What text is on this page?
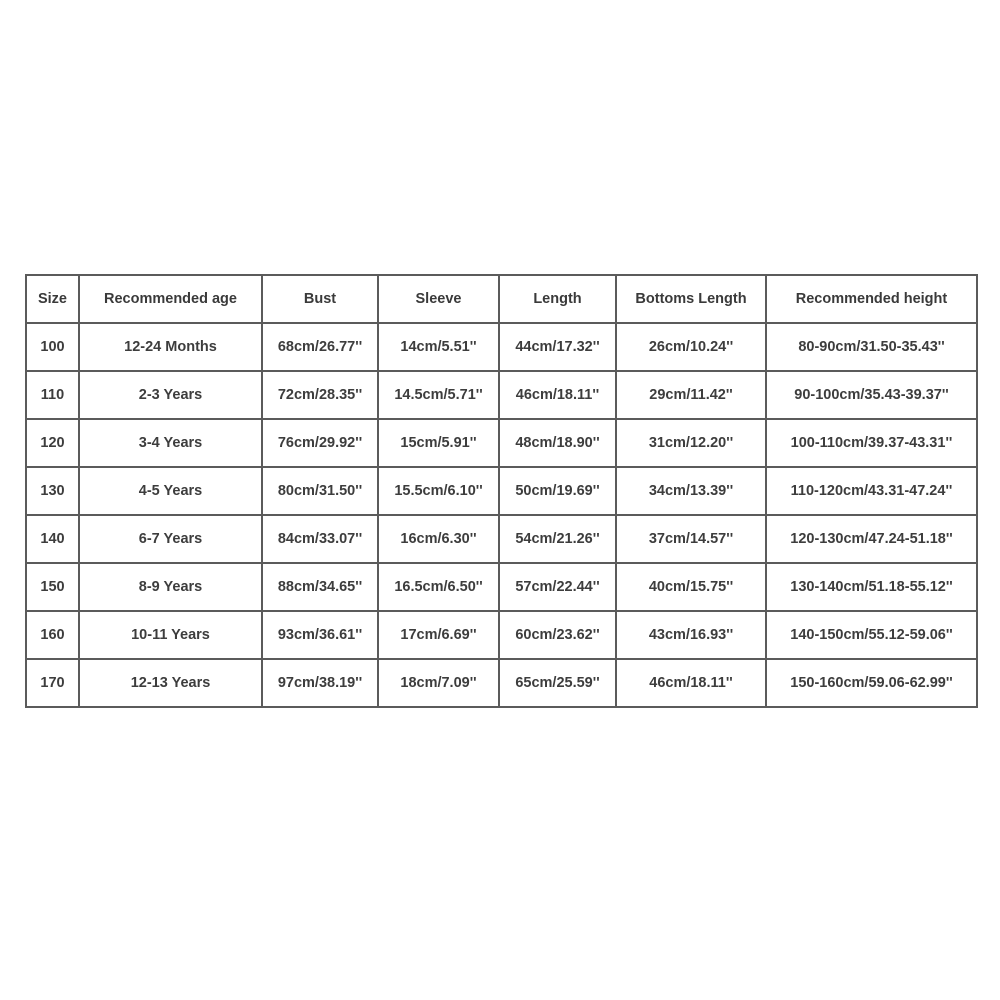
Size	Recommended age	Bust	Sleeve	Length	Bottoms Length	Recommended height
100	12-24 Months	68cm/26.77''	14cm/5.51''	44cm/17.32''	26cm/10.24''	80-90cm/31.50-35.43''
110	2-3 Years	72cm/28.35''	14.5cm/5.71''	46cm/18.11''	29cm/11.42''	90-100cm/35.43-39.37''
120	3-4 Years	76cm/29.92''	15cm/5.91''	48cm/18.90''	31cm/12.20''	100-110cm/39.37-43.31''
130	4-5 Years	80cm/31.50''	15.5cm/6.10''	50cm/19.69''	34cm/13.39''	110-120cm/43.31-47.24''
140	6-7 Years	84cm/33.07''	16cm/6.30''	54cm/21.26''	37cm/14.57''	120-130cm/47.24-51.18''
150	8-9 Years	88cm/34.65''	16.5cm/6.50''	57cm/22.44''	40cm/15.75''	130-140cm/51.18-55.12''
160	10-11 Years	93cm/36.61''	17cm/6.69''	60cm/23.62''	43cm/16.93''	140-150cm/55.12-59.06''
170	12-13 Years	97cm/38.19''	18cm/7.09''	65cm/25.59''	46cm/18.11''	150-160cm/59.06-62.99''
